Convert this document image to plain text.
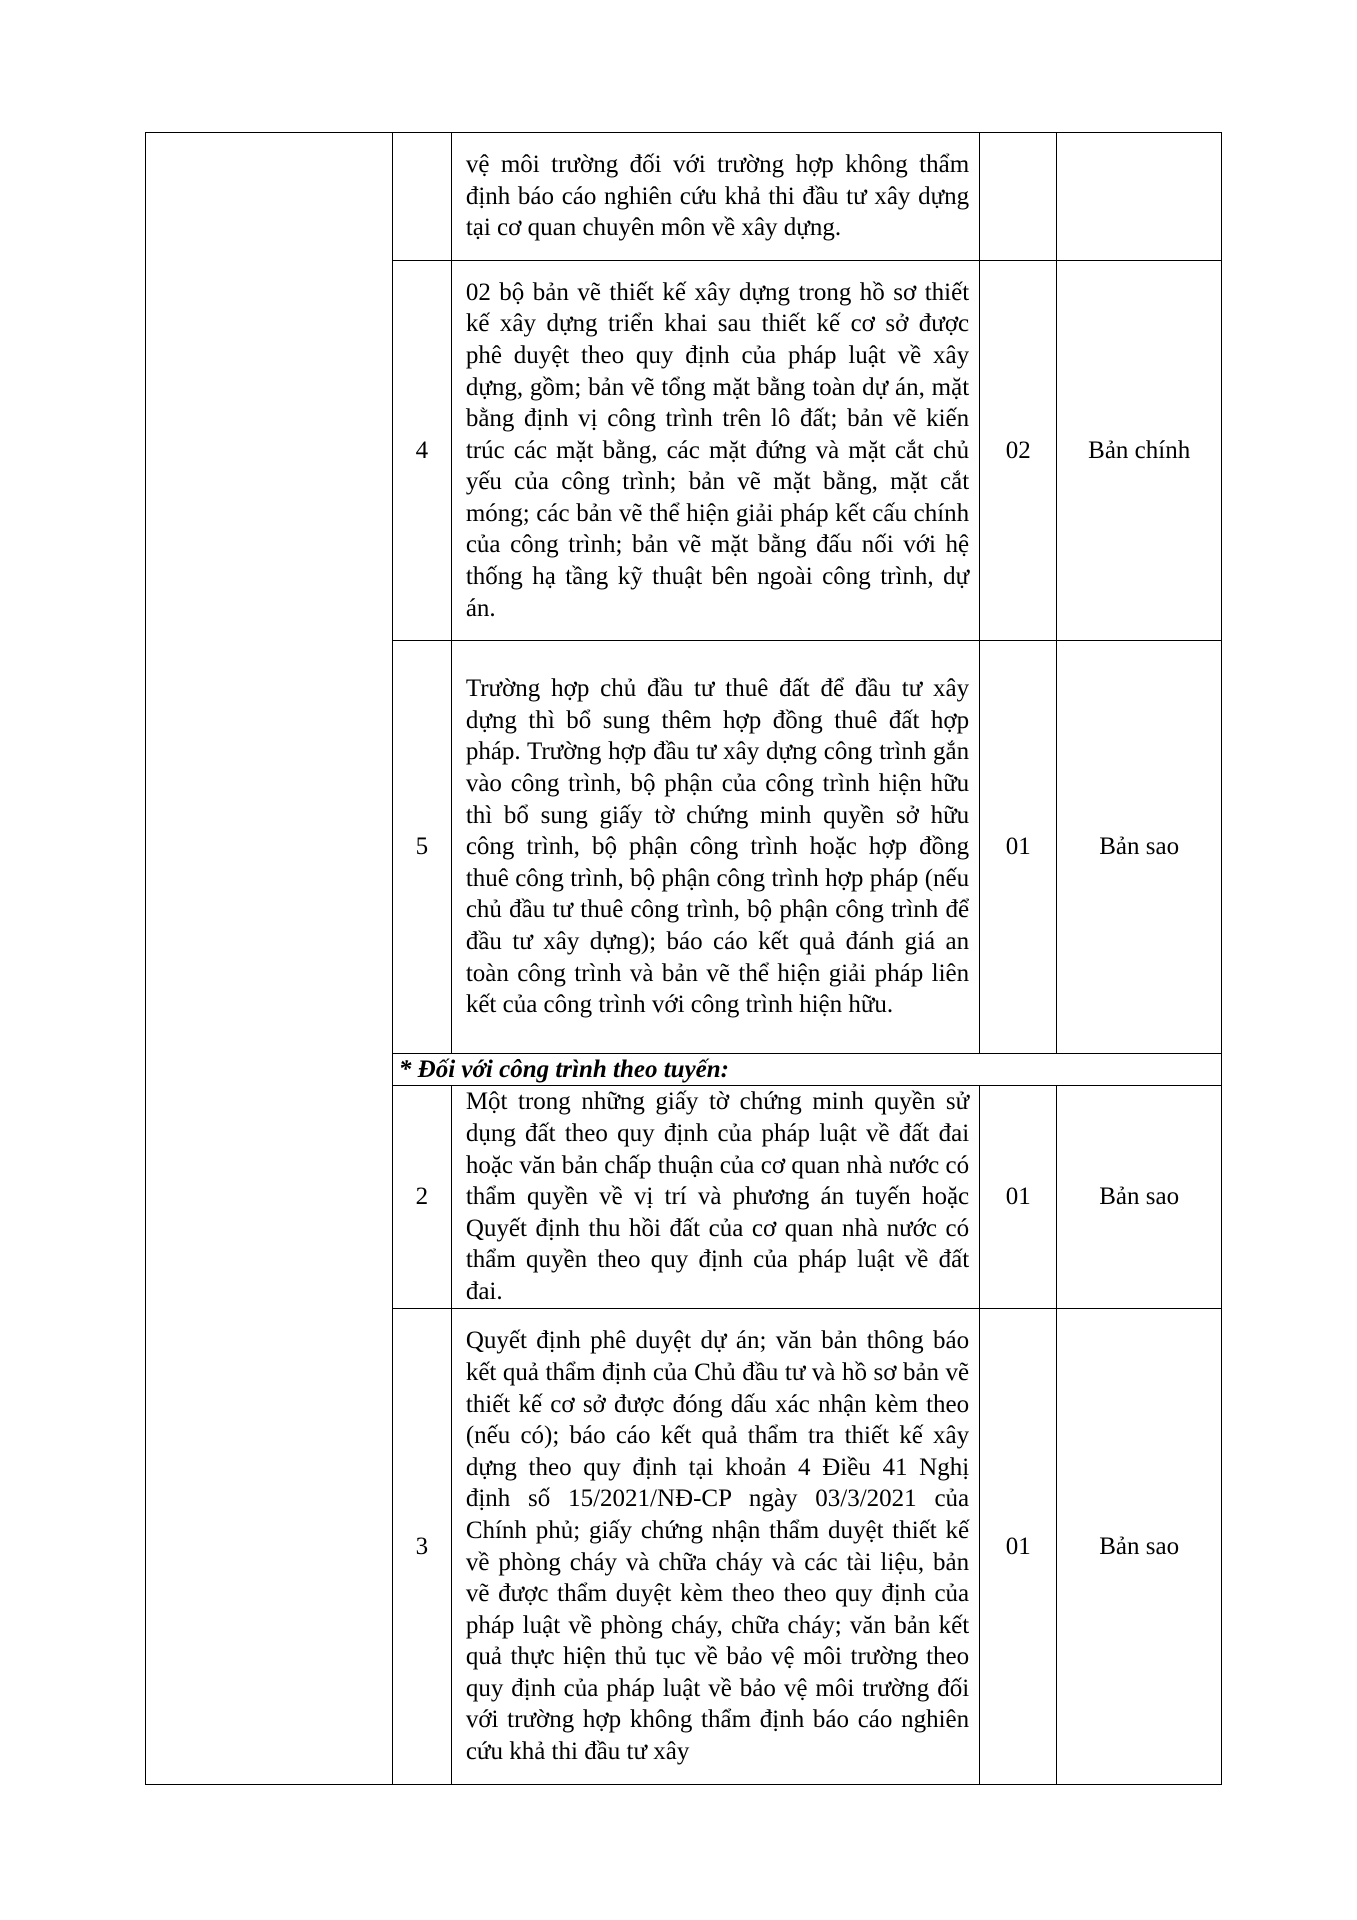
		vệ môi trường đối với trường hợp không thẩm định báo cáo nghiên cứu khả thi đầu tư xây dựng tại cơ quan chuyên môn về xây dựng.		

	4	02 bộ bản vẽ thiết kế xây dựng trong hồ sơ thiết kế xây dựng triển khai sau thiết kế cơ sở được phê duyệt theo quy định của pháp luật về xây dựng, gồm; bản vẽ tổng mặt bằng toàn dự án, mặt bằng định vị công trình trên lô đất; bản vẽ kiến trúc các mặt bằng, các mặt đứng và mặt cắt chủ yếu của công trình; bản vẽ mặt bằng, mặt cắt móng; các bản vẽ thể hiện giải pháp kết cấu chính của công trình; bản vẽ mặt bằng đấu nối với hệ thống hạ tầng kỹ thuật bên ngoài công trình, dự án.	02	Bản chính
	5	Trường hợp chủ đầu tư thuê đất để đầu tư xây dựng thì bổ sung thêm hợp đồng thuê đất hợp pháp. Trường hợp đầu tư xây dựng công trình gắn vào công trình, bộ phận của công trình hiện hữu thì bổ sung giấy tờ chứng minh quyền sở hữu công trình, bộ phận công trình hoặc hợp đồng thuê công trình, bộ phận công trình hợp pháp (nếu chủ đầu tư thuê công trình, bộ phận công trình để đầu tư xây dựng); báo cáo kết quả đánh giá an toàn công trình và bản vẽ thể hiện giải pháp liên kết của công trình với công trình hiện hữu.	01	Bản sao
	* Đối với công trình theo tuyến:			
	2	Một trong những giấy tờ chứng minh quyền sử dụng đất theo quy định của pháp luật về đất đai hoặc văn bản chấp thuận của cơ quan nhà nước có thẩm quyền về vị trí và phương án tuyến hoặc Quyết định thu hồi đất của cơ quan nhà nước có thẩm quyền theo quy định của pháp luật về đất đai.	01	Bản sao
	3	Quyết định phê duyệt dự án; văn bản thông báo kết quả thẩm định của Chủ đầu tư và hồ sơ bản vẽ thiết kế cơ sở được đóng dấu xác nhận kèm theo (nếu có); báo cáo kết quả thẩm tra thiết kế xây dựng theo quy định tại khoản 4 Điều 41 Nghị định số 15/2021/NĐ-CP ngày 03/3/2021 của Chính phủ; giấy chứng nhận thẩm duyệt thiết kế về phòng cháy và chữa cháy và các tài liệu, bản vẽ được thẩm duyệt kèm theo theo quy định của pháp luật về phòng cháy, chữa cháy; văn bản kết quả thực hiện thủ tục về bảo vệ môi trường theo quy định của pháp luật về bảo vệ môi trường đối với trường hợp không thẩm định báo cáo nghiên cứu khả thi đầu tư xây	01	Bản sao
